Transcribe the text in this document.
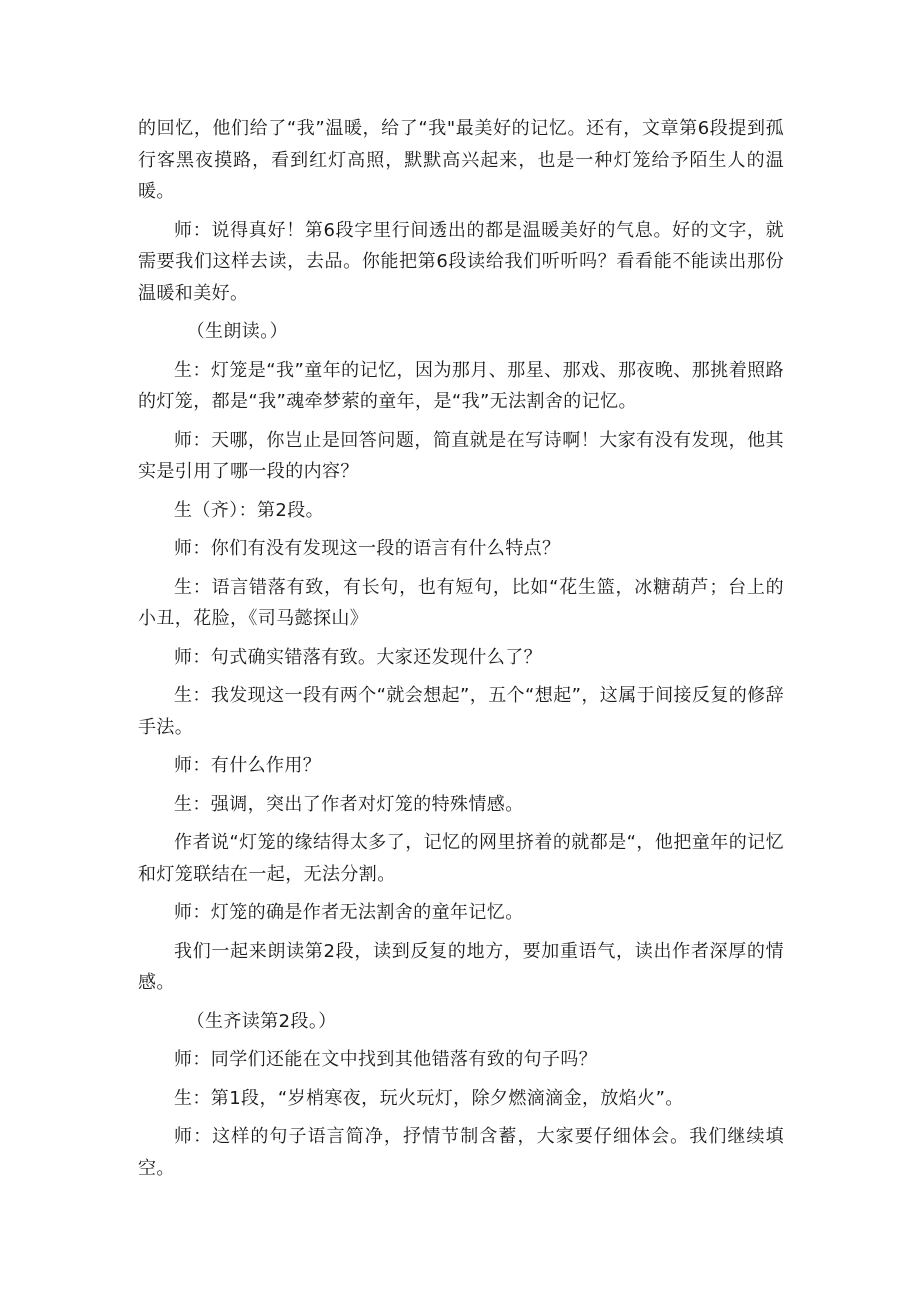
的回忆，他们给了“我”温暖，给了“我"最美好的记忆。还有，文章第6段提到孤行客黑夜摸路，看到红灯高照，默默高兴起来，也是一种灯笼给予陌生人的温暖。

师：说得真好！第6段字里行间透出的都是温暖美好的气息。好的文字，就需要我们这样去读，去品。你能把第6段读给我们听听吗？看看能不能读出那份温暖和美好。

（生朗读。）

生：灯笼是“我”童年的记忆，因为那月、那星、那戏、那夜晚、那挑着照路的灯笼，都是“我”魂牵梦萦的童年，是“我”无法割舍的记忆。

师：天哪，你岂止是回答问题，简直就是在写诗啊！大家有没有发现，他其实是引用了哪一段的内容？

生（齐）：第2段。

师：你们有没有发现这一段的语言有什么特点？

生：语言错落有致，有长句，也有短句，比如“花生篮，冰糖葫芦；台上的小丑，花脸，《司马懿探山》

师：句式确实错落有致。大家还发现什么了？

生：我发现这一段有两个“就会想起”，五个“想起”，这属于间接反复的修辞手法。

师：有什么作用？

生：强调，突出了作者对灯笼的特殊情感。

作者说“灯笼的缘结得太多了，记忆的网里挤着的就都是“，他把童年的记忆和灯笼联结在一起，无法分割。

师：灯笼的确是作者无法割舍的童年记忆。

我们一起来朗读第2段，读到反复的地方，要加重语气，读出作者深厚的情感。

（生齐读第2段。）

师：同学们还能在文中找到其他错落有致的句子吗？

生：第1段，“岁梢寒夜，玩火玩灯，除夕燃滴滴金，放焰火”。

师：这样的句子语言简净，抒情节制含蓄，大家要仔细体会。我们继续填空。
